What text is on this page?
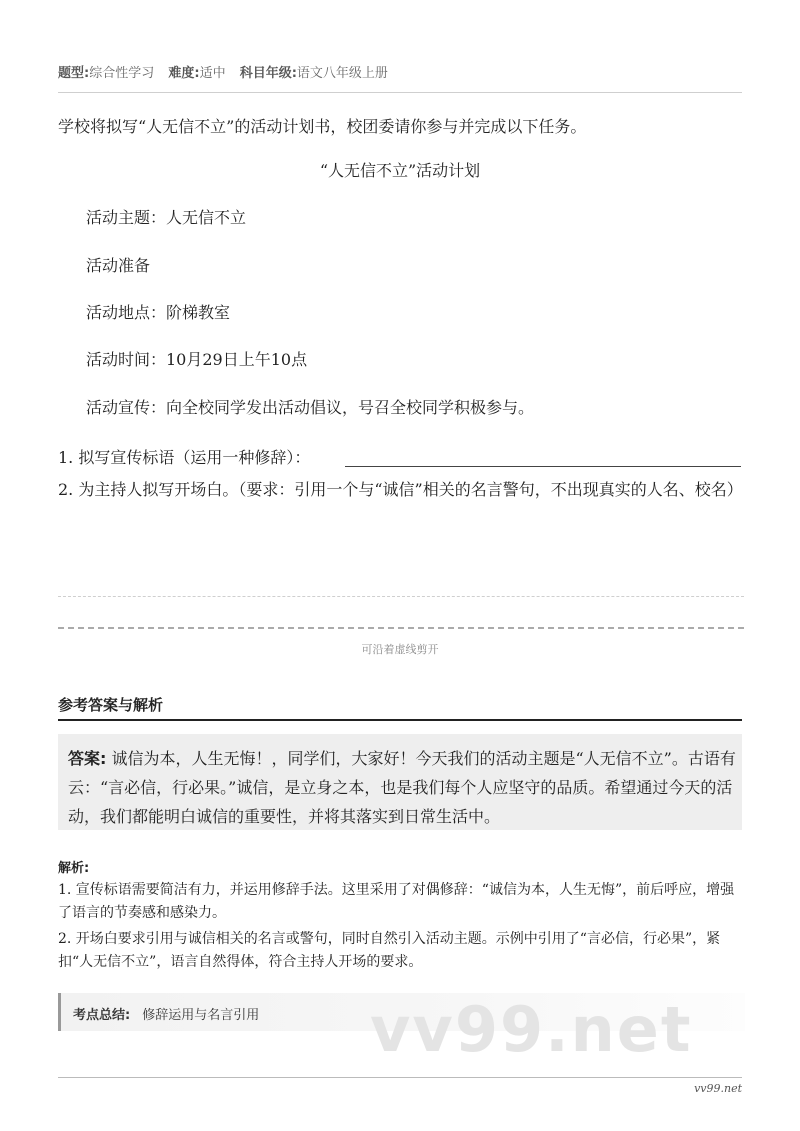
题型:综合性学习 难度:适中 科目年级:语文八年级上册
学校将拟写“人无信不立”的活动计划书，校团委请你参与并完成以下任务。
“人无信不立”活动计划
活动主题：人无信不立
活动准备
活动地点：阶梯教室
活动时间：10月29日上午10点
活动宣传：向全校同学发出活动倡议，号召全校同学积极参与。
1. 拟写宣传标语（运用一种修辞）：
2. 为主持人拟写开场白。（要求：引用一个与“诚信”相关的名言警句，不出现真实的人名、校名）
可沿着虚线剪开
参考答案与解析
答案: 诚信为本，人生无悔！，同学们，大家好！今天我们的活动主题是“人无信不立”。古语有云：“言必信，行必果。”诚信，是立身之本，也是我们每个人应坚守的品质。希望通过今天的活动，我们都能明白诚信的重要性，并将其落实到日常生活中。
解析:
1. 宣传标语需要简洁有力，并运用修辞手法。这里采用了对偶修辞：“诚信为本，人生无悔”，前后呼应，增强了语言的节奏感和感染力。
2. 开场白要求引用与诚信相关的名言或警句，同时自然引入活动主题。示例中引用了“言必信，行必果”，紧扣“人无信不立”，语言自然得体，符合主持人开场的要求。
考点总结: 修辞运用与名言引用 vv99.net
vv99.net
